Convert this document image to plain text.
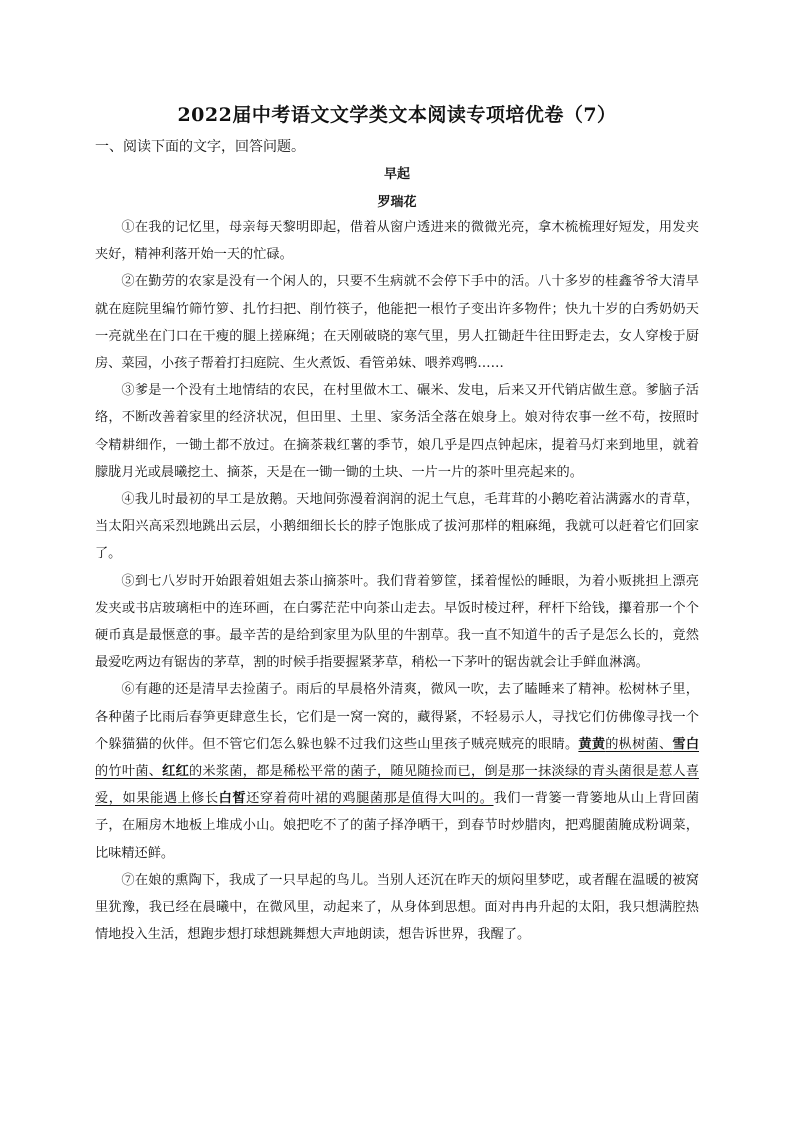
2022届中考语文文学类文本阅读专项培优卷（7）
一、阅读下面的文字，回答问题。
早起
罗瑞花

①在我的记忆里，母亲每天黎明即起，借着从窗户透进来的微微光亮，拿木梳梳理好短发，用发夹夹好，精神利落开始一天的忙碌。

②在勤劳的农家是没有一个闲人的，只要不生病就不会停下手中的活。八十多岁的桂鑫爷爷大清早就在庭院里编竹筛竹箩、扎竹扫把、削竹筷子，他能把一根竹子变出许多物件；快九十岁的白秀奶奶天一亮就坐在门口在干瘦的腿上搓麻绳；在天刚破晓的寒气里，男人扛锄赶牛往田野走去，女人穿梭于厨房、菜园，小孩子帮着打扫庭院、生火煮饭、看管弟妹、喂养鸡鸭……

③爹是一个没有土地情结的农民，在村里做木工、碾米、发电，后来又开代销店做生意。爹脑子活络，不断改善着家里的经济状况，但田里、土里、家务活全落在娘身上。娘对待农事一丝不苟，按照时令精耕细作，一锄土都不放过。在摘茶栽红薯的季节，娘几乎是四点钟起床，提着马灯来到地里，就着朦胧月光或晨曦挖土、摘茶，天是在一锄一锄的土块、一片一片的茶叶里亮起来的。

④我儿时最初的早工是放鹅。天地间弥漫着润润的泥土气息，毛茸茸的小鹅吃着沾满露水的青草，当太阳兴高采烈地跳出云层，小鹅细细长长的脖子饱胀成了拔河那样的粗麻绳，我就可以赶着它们回家了。

⑤到七八岁时开始跟着姐姐去茶山摘茶叶。我们背着箩筐，揉着惺忪的睡眼，为着小贩挑担上漂亮发夹或书店玻璃柜中的连环画，在白雾茫茫中向茶山走去。早饭时棱过秤，秤杆下给钱，攥着那一个个硬币真是最惬意的事。最辛苦的是给到家里为队里的牛割草。我一直不知道牛的舌子是怎么长的，竟然最爱吃两边有锯齿的茅草，割的时候手指要握紧茅草，稍松一下茅叶的锯齿就会让手鲜血淋漓。

⑥有趣的还是清早去捡菌子。雨后的早晨格外清爽，微风一吹，去了瞌睡来了精神。松树林子里，各种菌子比雨后春笋更肆意生长，它们是一窝一窝的，藏得紧，不轻易示人，寻找它们仿佛像寻找一个个躲猫猫的伙伴。但不管它们怎么躲也躲不过我们这些山里孩子贼亮贼亮的眼睛。黄黄的枞树菌、雪白的竹叶菌、红红的米浆菌，都是稀松平常的菌子，随见随捡而已，倒是那一抹淡绿的青头菌很是惹人喜爱，如果能遇上修长白皙还穿着荷叶裙的鸡腿菌那是值得大叫的。我们一背篓一背篓地从山上背回菌子，在厢房木地板上堆成小山。娘把吃不了的菌子择净晒干，到春节时炒腊肉，把鸡腿菌腌成粉调菜，比味精还鲜。

⑦在娘的熏陶下，我成了一只早起的鸟儿。当别人还沉在昨天的烦闷里梦呓，或者醒在温暖的被窝里犹豫，我已经在晨曦中，在微风里，动起来了，从身体到思想。面对冉冉升起的太阳，我只想满腔热情地投入生活，想跑步想打球想跳舞想大声地朗读，想告诉世界，我醒了。
